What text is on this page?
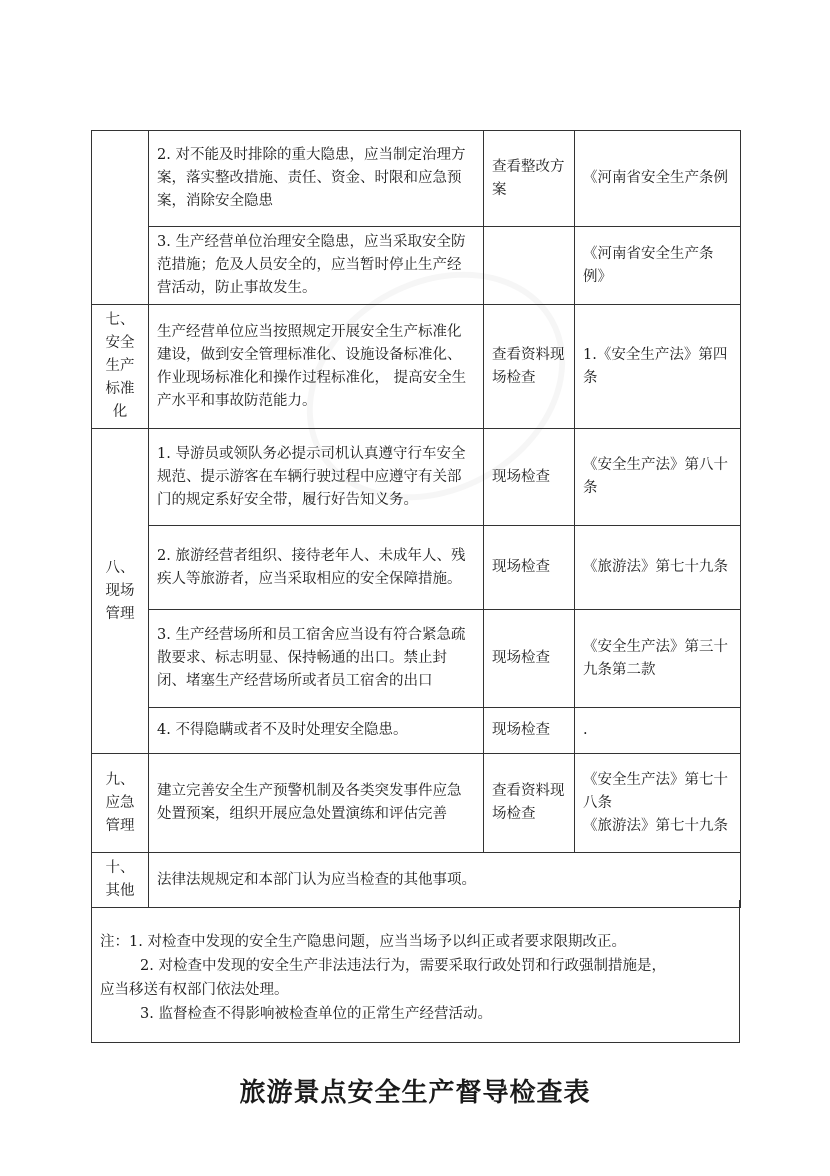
	2. 对不能及时排除的重大隐患，应当制定治理方案，落实整改措施、责任、资金、时限和应急预案，消除安全隐患	查看整改方案	《河南省安全生产条例
	3. 生产经营单位治理安全隐患，应当采取安全防范措施；危及人员安全的，应当暂时停止生产经营活动，防止事故发生。		《河南省安全生产条例》
七、安全生产标准化	生产经营单位应当按照规定开展安全生产标准化建设，做到安全管理标准化、设施设备标准化、作业现场标准化和操作过程标准化， 提高安全生产水平和事故防范能力。	查看资料现场检查	1.《安全生产法》第四条
八、现场管理	1. 导游员或领队务必提示司机认真遵守行车安全规范、提示游客在车辆行驶过程中应遵守有关部门的规定系好安全带，履行好告知义务。	现场检查	《安全生产法》第八十条
	2. 旅游经营者组织、接待老年人、未成年人、残疾人等旅游者，应当采取相应的安全保障措施。	现场检查	《旅游法》第七十九条
	3. 生产经营场所和员工宿舍应当设有符合紧急疏散要求、标志明显、保持畅通的出口。禁止封闭、堵塞生产经营场所或者员工宿舍的出口	现场检查	《安全生产法》第三十九条第二款
	4. 不得隐瞒或者不及时处理安全隐患。	现场检查	.
九、应急管理	建立完善安全生产预警机制及各类突发事件应急处置预案，组织开展应急处置演练和评估完善	查看资料现场检查	《安全生产法》第七十八条
《旅游法》第七十九条

十、其他	法律法规规定和本部门认为应当检查的其他事项。		

注：1. 对检查中发现的安全生产隐患问题，应当当场予以纠正或者要求限期改正。

2. 对检查中发现的安全生产非法违法行为，需要采取行政处罚和行政强制措施是，

应当移送有权部门依法处理。

3. 监督检查不得影响被检查单位的正常生产经营活动。

旅游景点安全生产督导检查表
